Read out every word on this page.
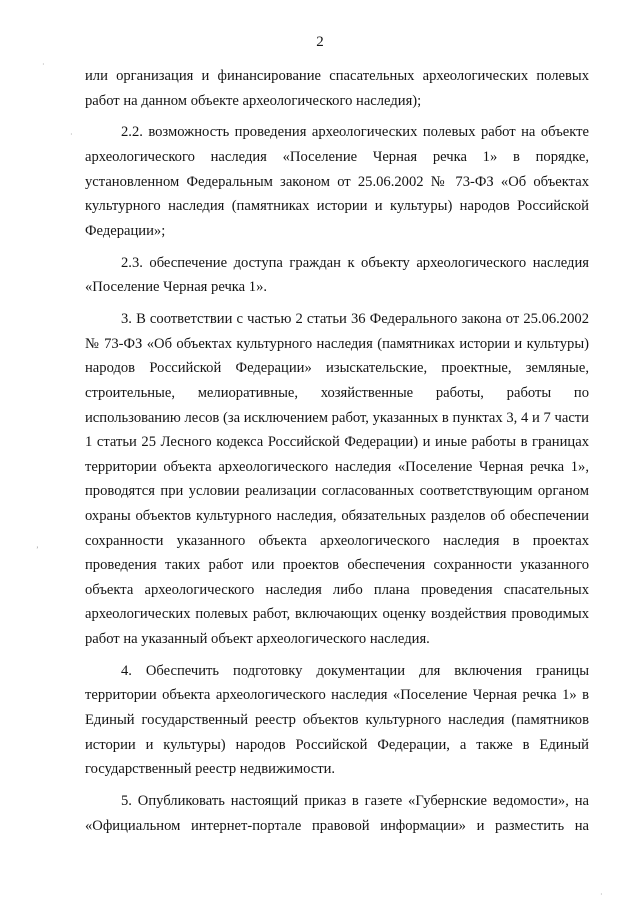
2
или организация и финансирование спасательных археологических полевых
работ на данном объекте археологического наследия);
2.2. возможность проведения археологических полевых работ на объекте
археологического наследия «Поселение Черная речка 1» в порядке,
установленном Федеральным законом от 25.06.2002 № 73-ФЗ «Об объектах
культурного наследия (памятниках истории и культуры) народов Российской
Федерации»;
2.3. обеспечение доступа граждан к объекту археологического наследия
«Поселение Черная речка 1».
3. В соответствии с частью 2 статьи 36 Федерального закона от 25.06.2002
№ 73-ФЗ «Об объектах культурного наследия (памятниках истории и культуры)
народов Российской Федерации» изыскательские, проектные, земляные,
строительные, мелиоративные, хозяйственные работы, работы по
использованию лесов (за исключением работ, указанных в пунктах 3, 4 и 7 части
1 статьи 25 Лесного кодекса Российской Федерации) и иные работы в границах
территории объекта археологического наследия «Поселение Черная речка 1»,
проводятся при условии реализации согласованных соответствующим органом
охраны объектов культурного наследия, обязательных разделов об обеспечении
сохранности указанного объекта археологического наследия в проектах
проведения таких работ или проектов обеспечения сохранности указанного
объекта археологического наследия либо плана проведения спасательных
археологических полевых работ, включающих оценку воздействия проводимых
работ на указанный объект археологического наследия.
4. Обеспечить подготовку документации для включения границы
территории объекта археологического наследия «Поселение Черная речка 1» в
Единый государственный реестр объектов культурного наследия (памятников
истории и культуры) народов Российской Федерации, а также в Единый
государственный реестр недвижимости.
5. Опубликовать настоящий приказ в газете «Губернские ведомости», на
«Официальном интернет-портале правовой информации» и разместить на
·
·
ʼ
·
